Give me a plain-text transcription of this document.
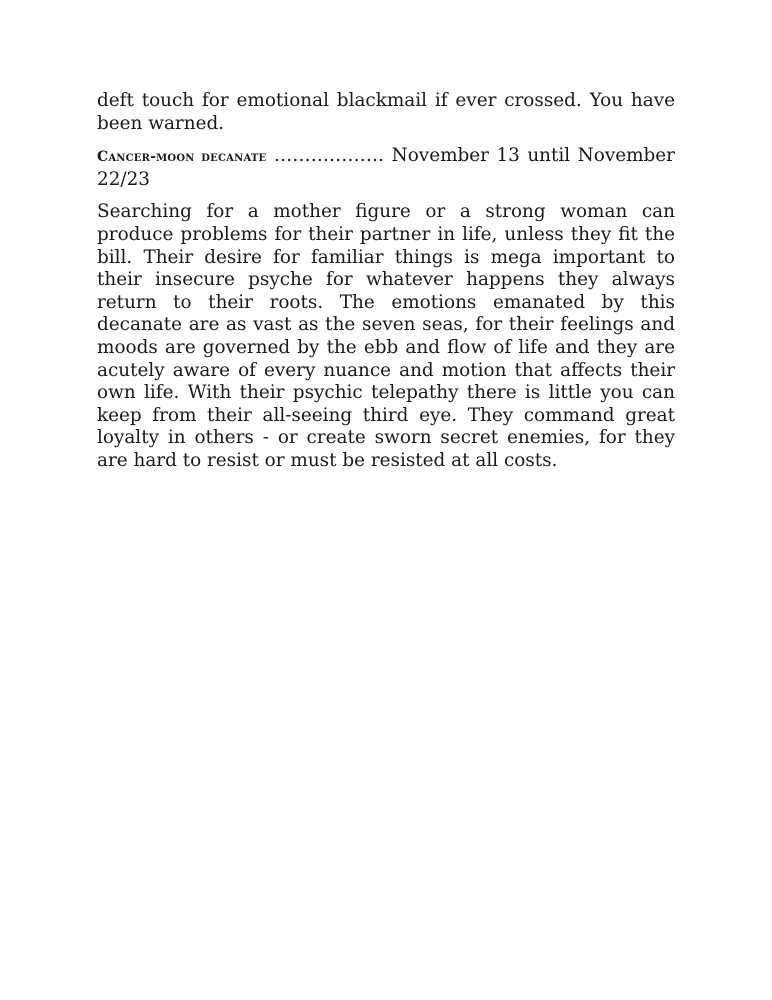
deft touch for emotional blackmail if ever crossed. You have been warned.

Cancer-moon decanate ……………… November 13 until November 22/23

Searching for a mother figure or a strong woman can produce problems for their partner in life, unless they fit the bill. Their desire for familiar things is mega important to their insecure psyche for whatever happens they always return to their roots. The emotions emanated by this decanate are as vast as the seven seas, for their feelings and moods are governed by the ebb and flow of life and they are acutely aware of every nuance and motion that affects their own life. With their psychic telepathy there is little you can keep from their all-seeing third eye. They command great loyalty in others - or create sworn secret enemies, for they are hard to resist or must be resisted at all costs.
